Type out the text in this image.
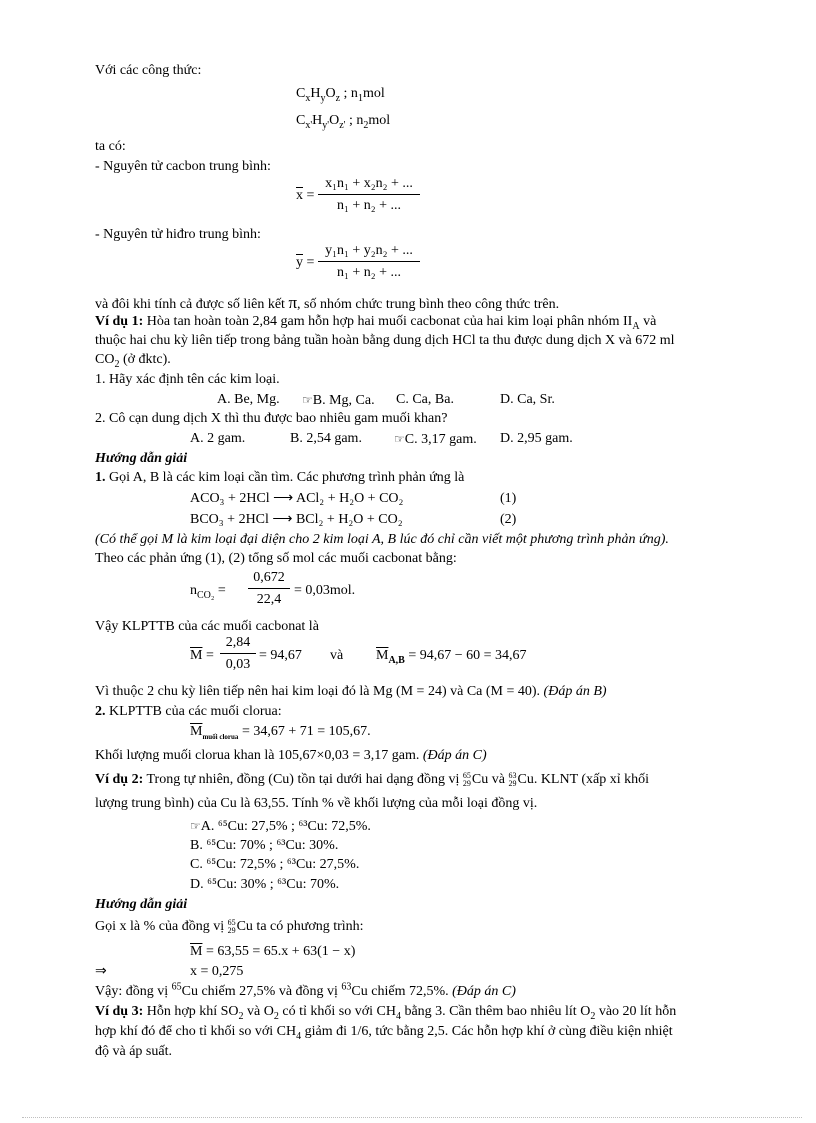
Với các công thức:
$C_xH_yO_z$ ; $n_1mol$
$C_{x'}H_{y'}O_{z'}$ ; $n_2mol$
ta có:
- Nguyên tử cacbon trung bình:
$\overline{x} = \frac{\text{x₁n₁ + x₂n₂ + ...}}{\text{n₁ + n₂ + ...}}$
- Nguyên tử hiđro trung bình:
$\overline{y} = \frac{\text{y₁n₁ + y₂n₂ + ...}}{\text{n₁ + n₂ + ...}}$
và đôi khi tính cả được số liên kết π, số nhóm chức trung bình theo công thức trên.
Ví dụ 1: Hòa tan hoàn toàn 2,84 gam hỗn hợp hai muối cacbonat của hai kim loại phân nhóm $II_A$ và
thuộc hai chu kỳ liên tiếp trong bảng tuần hoàn bằng dung dịch HCl ta thu được dung dịch X và 672 ml
$CO_2$ (ở đktc).
1. Hãy xác định tên các kim loại.
A. Be, Mg. ☞B. Mg, Ca. C. Ca, Ba.	D. Ca, Sr.
2. Cô cạn dung dịch X thì thu được bao nhiêu gam muối khan?
A. 2 gam.	B. 2,54 gam.	☞C. 3,17 gam. D. 2,95 gam.
Hướng dẫn giải
1. Gọi A, B là các kim loại cần tìm. Các phương trình phản ứng là
ACO₃ + 2HCl ⟶ ACl₂ + H₂O + CO₂	(1)
BCO₃ + 2HCl ⟶ BCl₂ + H₂O + CO₂	(2)
(Có thể gọi M là kim loại đại diện cho 2 kim loại A, B lúc đó chỉ cần viết một phương trình phản ứng).
Theo các phản ứng (1), (2) tổng số mol các muối cacbonat bằng:
$n_{CO_2} = \frac{0,672}{22,4} = 0,03mol$.
Vậy KLPTTB của các muối cacbonat là
$\overline{M} = \frac{2,84}{0,03} = 94,67$ và $\overline{M}_{A,B} = 94,67 - 60 = 34,67$
Vì thuộc 2 chu kỳ liên tiếp nên hai kim loại đó là Mg (M = 24) và Ca (M = 40). (Đáp án B)
2. KLPTTB của các muối clorua:
$\overline{M}_{muối clorua} = 34,67 + 71 = 105,67$.
Khối lượng muối clorua khan là 105,67×0,03 = 3,17 gam. (Đáp án C)
Ví dụ 2: Trong tự nhiên, đồng (Cu) tồn tại dưới hai dạng đồng vị 65
29 Cu và 63
29 Cu. KLNT (xấp xỉ khối
lượng trung bình) của Cu là 63,55. Tính % về khối lượng của mỗi loại đồng vị.
☞A. ⁶⁵Cu: 27,5% ; ⁶³Cu: 72,5%.
B. ⁶⁵Cu: 70% ; ⁶³Cu: 30%.
C. ⁶⁵Cu: 72,5% ; ⁶³Cu: 27,5%.
D. ⁶⁵Cu: 30% ; ⁶³Cu: 70%.
Hướng dẫn giải
Gọi x là % của đồng vị 65
29 Cu ta có phương trình:
$\overline{M} = 63,55 = 65.x + 63(1 - x)$
⇒	x = 0,275
Vậy: đồng vị $^{65}$Cu chiếm 27,5% và đồng vị $^{63}$Cu chiếm 72,5%. (Đáp án C)
Ví dụ 3: Hỗn hợp khí $SO_2$ và $O_2$ có tỉ khối so với $CH_4$ bằng 3. Cần thêm bao nhiêu lít $O_2$ vào 20 lít hỗn
hợp khí đó để cho tỉ khối so với $CH_4$ giảm đi 1/6, tức bằng 2,5. Các hỗn hợp khí ở cùng điều kiện nhiệt
độ và áp suất.
